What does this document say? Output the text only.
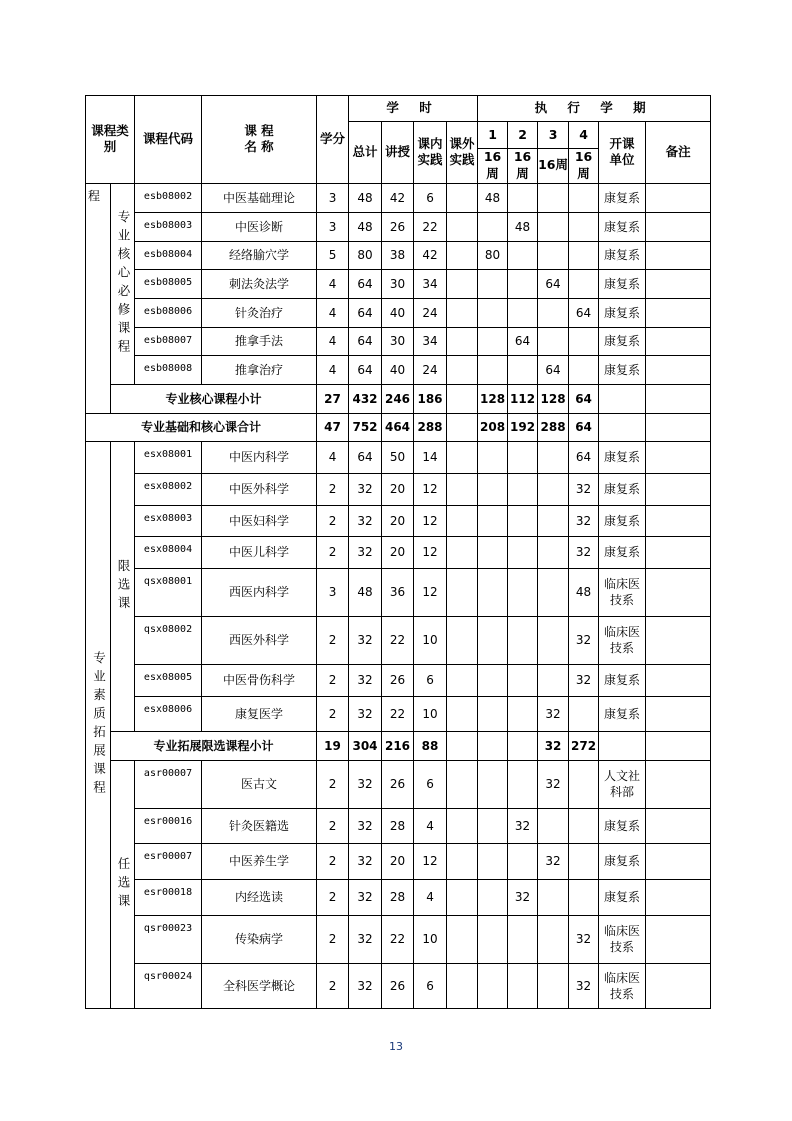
课程类别		课程代码	课 程 名 称	学分	学 时				执 行 学 期					
					总计	讲授	课内实践	课外实践	1	2	3	4	开课单位	备注
									16周	16周	16周	16周		
程	专业核心必修课程	esb08002	中医基础理论	3	48	42	6		48				康复系	
		esb08003	中医诊断	3	48	26	22			48			康复系	
		esb08004	经络腧穴学	5	80	38	42		80				康复系	
		esb08005	刺法灸法学	4	64	30	34				64		康复系	
		esb08006	针灸治疗	4	64	40	24					64	康复系	
		esb08007	推拿手法	4	64	30	34			64			康复系	
		esb08008	推拿治疗	4	64	40	24				64		康复系	
	专业核心课程小计			27	432	246	186		128	112	128	64		
专业基础和核心课合计				47	752	464	288		208	192	288	64		
专业素质拓展课程	限选课	esx08001	中医内科学	4	64	50	14					64	康复系	
		esx08002	中医外科学	2	32	20	12					32	康复系	
		esx08003	中医妇科学	2	32	20	12					32	康复系	
		esx08004	中医儿科学	2	32	20	12					32	康复系	
		qsx08001	西医内科学	3	48	36	12					48	临床医技系	
		qsx08002	西医外科学	2	32	22	10					32	临床医技系	
		esx08005	中医骨伤科学	2	32	26	6					32	康复系	
		esx08006	康复医学	2	32	22	10				32		康复系	
	专业拓展限选课程小计			19	304	216	88				32	272		
	任选课	asr00007	医古文	2	32	26	6				32		人文社科部	
		esr00016	针灸医籍选	2	32	28	4			32			康复系	
		esr00007	中医养生学	2	32	20	12				32		康复系	
		esr00018	内经选读	2	32	28	4			32			康复系	
		qsr00023	传染病学	2	32	22	10					32	临床医技系	
		qsr00024	全科医学概论	2	32	26	6					32	临床医技系	
13
